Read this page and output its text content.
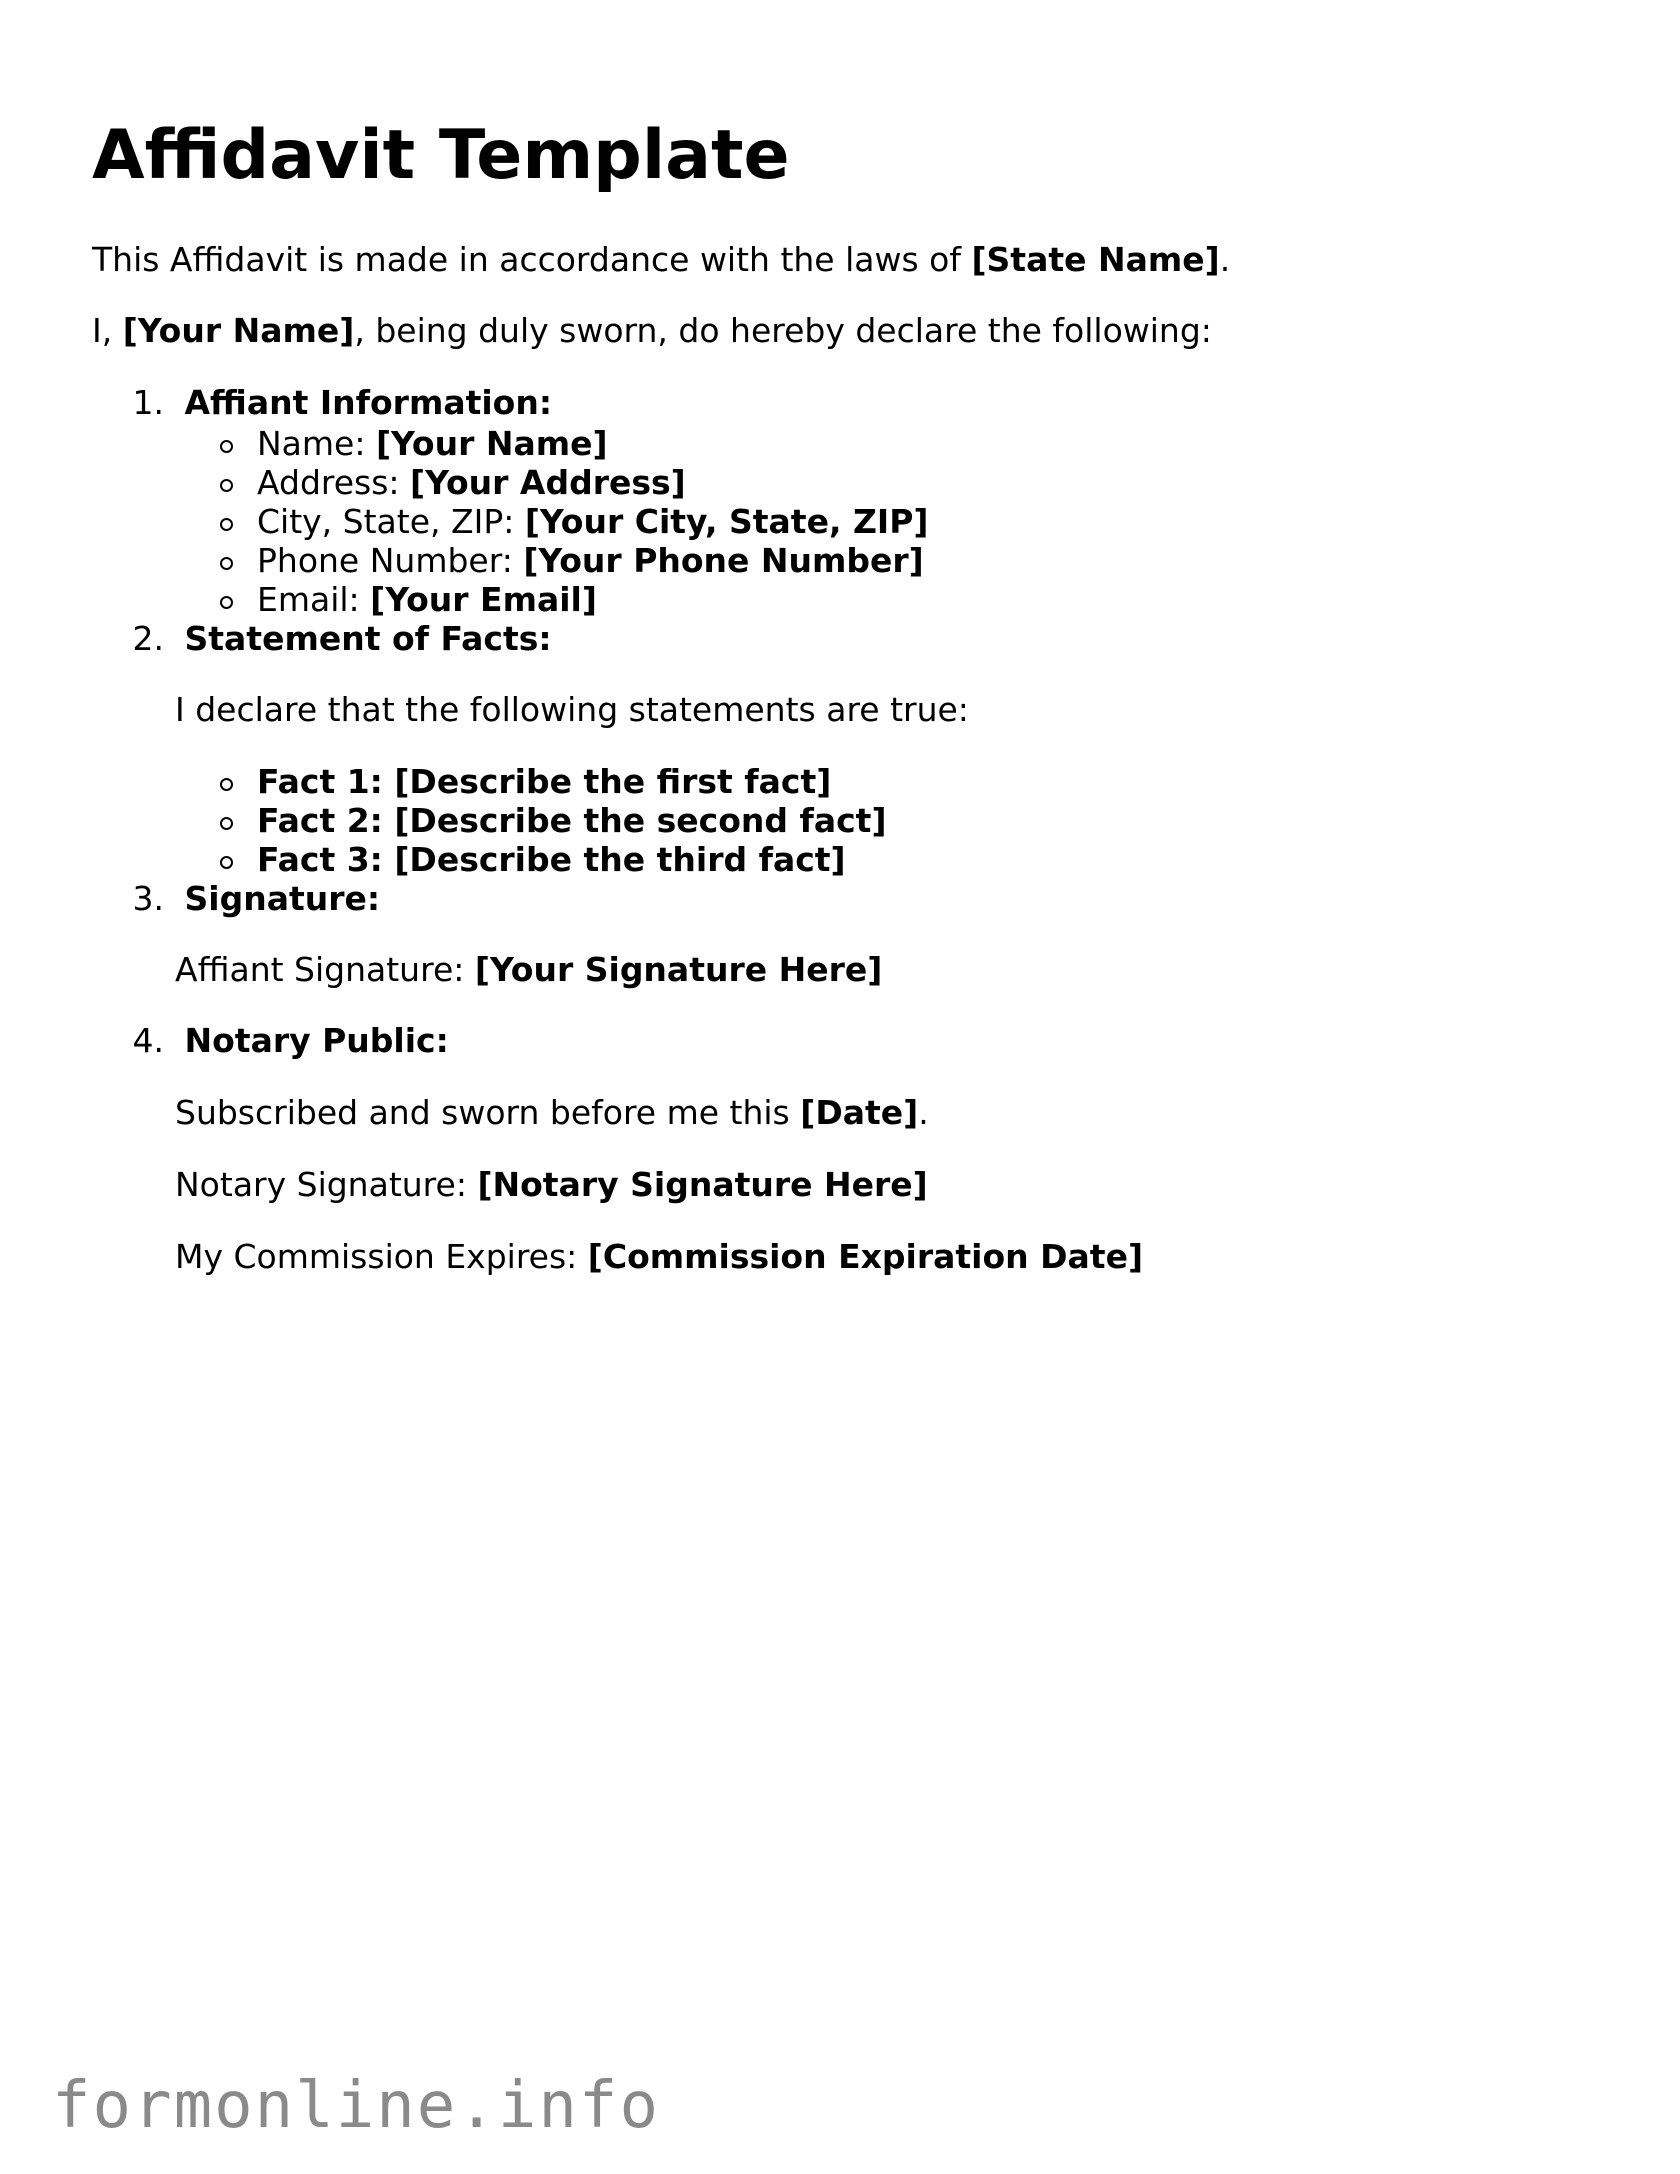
Affidavit Template

This Affidavit is made in accordance with the laws of [State Name].

I, [Your Name], being duly sworn, do hereby declare the following:

1. Affiant Information:
Name: [Your Name]
Address: [Your Address]
City, State, ZIP: [Your City, State, ZIP]
Phone Number: [Your Phone Number]
Email: [Your Email]
2. Statement of Facts:

I declare that the following statements are true:

Fact 1: [Describe the first fact]
Fact 2: [Describe the second fact]
Fact 3: [Describe the third fact]
3. Signature:

Affiant Signature: [Your Signature Here]

4. Notary Public:

Subscribed and sworn before me this [Date].

Notary Signature: [Notary Signature Here]

My Commission Expires: [Commission Expiration Date]

formonline.info
